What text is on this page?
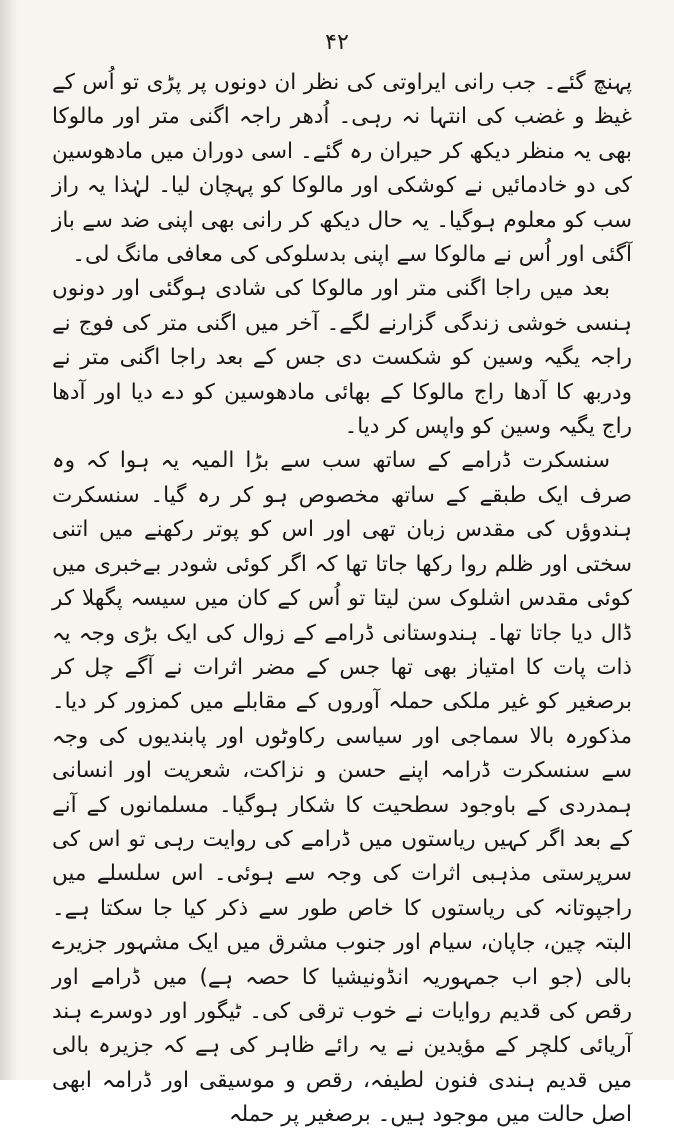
۴۲

پہنچ گئے۔ جب رانی ایراوتی کی نظر ان دونوں پر پڑی تو اُس کے غیظ و غضب کی انتہا نہ رہی۔ اُدھر راجہ اگنی متر اور مالوکا بھی یہ منظر دیکھ کر حیران رہ گئے۔ اسی دوران میں مادھوسین کی دو خادمائیں نے کوشکی اور مالوکا کو پہچان لیا۔ لہٰذا یہ راز سب کو معلوم ہوگیا۔ یہ حال دیکھ کر رانی بھی اپنی ضد سے باز آگئی اور اُس نے مالوکا سے اپنی بدسلوکی کی معافی مانگ لی۔

بعد میں راجا اگنی متر اور مالوکا کی شادی ہوگئی اور دونوں ہنسی خوشی زندگی گزارنے لگے۔ آخر میں اگنی متر کی فوج نے راجہ یگیہ وسین کو شکست دی جس کے بعد راجا اگنی متر نے ودربھ کا آدھا راج مالوکا کے بھائی مادھوسین کو دے دیا اور آدھا راج یگیہ وسین کو واپس کر دیا۔

سنسکرت ڈرامے کے ساتھ سب سے بڑا المیہ یہ ہوا کہ وہ صرف ایک طبقے کے ساتھ مخصوص ہو کر رہ گیا۔ سنسکرت ہندوؤں کی مقدس زبان تھی اور اس کو پوتر رکھنے میں اتنی سختی اور ظلم روا رکھا جاتا تھا کہ اگر کوئی شودر بےخبری میں کوئی مقدس اشلوک سن لیتا تو اُس کے کان میں سیسہ پگھلا کر ڈال دیا جاتا تھا۔ ہندوستانی ڈرامے کے زوال کی ایک بڑی وجہ یہ ذات پات کا امتیاز بھی تھا جس کے مضر اثرات نے آگے چل کر برصغیر کو غیر ملکی حملہ آوروں کے مقابلے میں کمزور کر دیا۔ مذکورہ بالا سماجی اور سیاسی رکاوٹوں اور پابندیوں کی وجہ سے سنسکرت ڈرامہ اپنے حسن و نزاکت، شعریت اور انسانی ہمدردی کے باوجود سطحیت کا شکار ہوگیا۔ مسلمانوں کے آنے کے بعد اگر کہیں ریاستوں میں ڈرامے کی روایت رہی تو اس کی سرپرستی مذہبی اثرات کی وجہ سے ہوئی۔ اس سلسلے میں راجپوتانہ کی ریاستوں کا خاص طور سے ذکر کیا جا سکتا ہے۔ البتہ چین، جاپان، سیام اور جنوب مشرق میں ایک مشہور جزیرے بالی (جو اب جمہوریہ انڈونیشیا کا حصہ ہے) میں ڈرامے اور رقص کی قدیم روایات نے خوب ترقی کی۔ ٹیگور اور دوسرے ہند آریائی کلچر کے مؤیدین نے یہ رائے ظاہر کی ہے کہ جزیرہ بالی میں قدیم ہندی فنون لطیفہ، رقص و موسیقی اور ڈرامہ ابھی اصل حالت میں موجود ہیں۔ برصغیر پر حملہ
